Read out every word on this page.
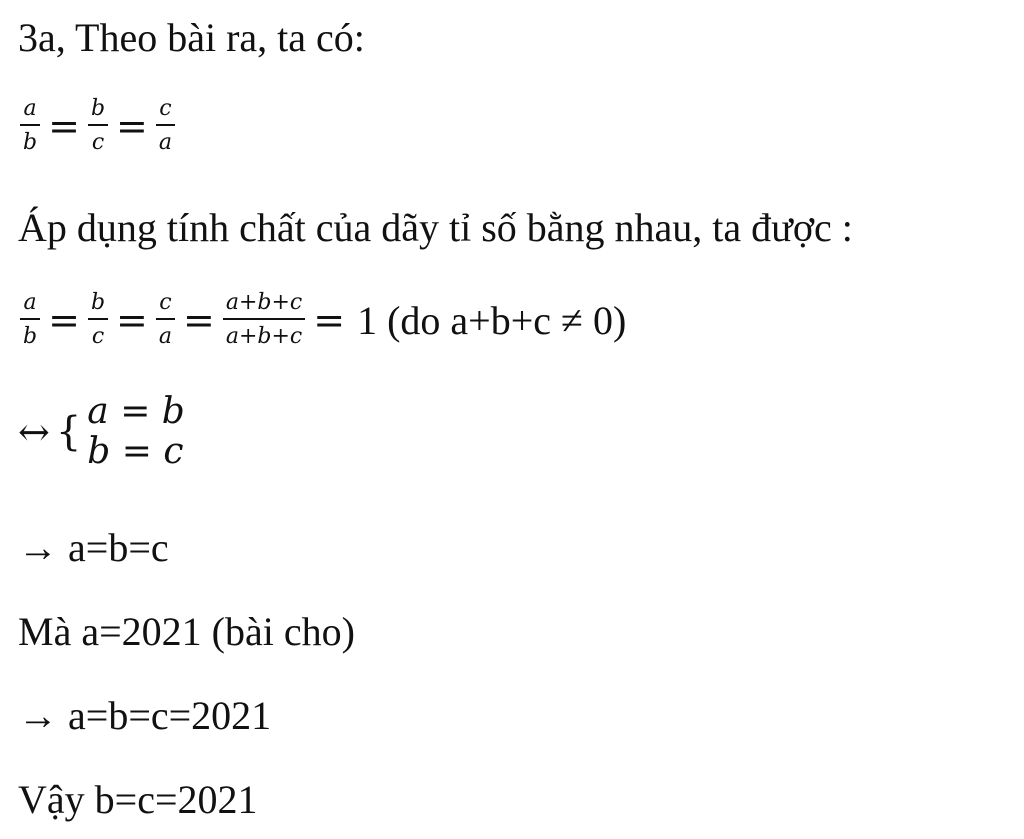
3a, Theo bài ra, ta có:
$\frac{a}{b} = \frac{b}{c} = \frac{c}{a}$
Áp dụng tính chất của dãy tỉ số bằng nhau, ta được :
$\frac{a}{b} = \frac{b}{c} = \frac{c}{a} = \frac{a+b+c}{a+b+c} = 1$ (do a+b+c ≠ 0)
↔ { a = b
b = c
→ a=b=c
Mà a=2021 (bài cho)
→ a=b=c=2021
Vậy b=c=2021
